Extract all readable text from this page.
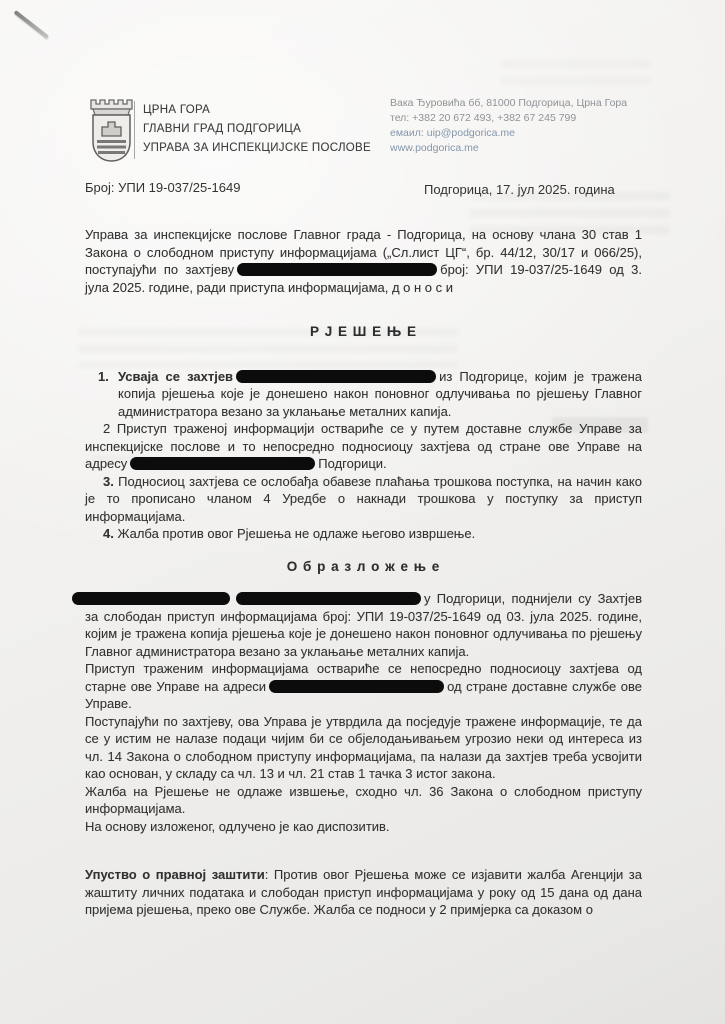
ЦРНА ГОРА
ГЛАВНИ ГРАД ПОДГОРИЦА
УПРАВА ЗА ИНСПЕКЦИЈСКЕ ПОСЛОВЕ
Вака Ђуровића бб, 81000 Подгорица, Црна Гора
тел: +382 20 672 493, +382 67 245 799
емаил: uip@podgorica.me
www.podgorica.me
Број: УПИ 19-037/25-1649	Подгорица, 17. јул 2025. година

Управа за инспекцијске послове Главног града - Подгорица, на основу члана 30 став 1 Закона о слободном приступу информацијама („Сл.лист ЦГ“, бр. 44/12, 30/17 и 066/25), поступајући по захтјеву	број: УПИ 19-037/25-1649 од 3. јула 2025. године, ради приступа информацијама, д о н о с и

Р Ј Е Ш Е Њ Е
1. Усваја се захтјев	из Подгорице, којим је тражена копија рјешења које је донешено након поновног одлучивања по рјешењу Главног администратора везано за уклањање металних капија.

2 Приступ траженој информацији оствариће се у путем доставне службе Управе за инспекцијске послове и то непосредно подносиоцу захтјева од стране ове Управе на адресу	Подгорици.

3. Подносиоц захтјева се ослобађа обавезе плаћања трошкова поступка, на начин како је то прописано чланом 4 Уредбе о накнади трошкова у поступку за приступ информацијама.

4. Жалба против овог Рјешења не одлаже његово извршење.

О б р а з л о ж е њ е

у Подгорици, поднијели су Захтјев за слободан приступ информацијама број: УПИ 19-037/25-1649 од 03. јула 2025. године, којим је тражена копија рјешења које је донешено након поновног одлучивања по рјешењу Главног администратора везано за уклањање металних капија.

Приступ траженим информацијама оствариће се непосредно подносиоцу захтјева од старне ове Управе на адреси	од стране доставне службе ове Управе.

Поступајући по захтјеву, ова Управа је утврдила да посједује тражене информације, те да се у истим не налазе подаци чијим би се објелодањивањем угрозио неки од интереса из чл. 14 Закона о слободном приступу информацијама, па налази да захтјев треба усвојити као основан, у складу са чл. 13 и чл. 21 став 1 тачка 3 истог закона.

Жалба на Рјешење не одлаже извшење, сходно чл. 36 Закона о слободном приступу информацијама.

На основу изложеног, одлучено је као диспозитив.

Упуство о правној заштити: Против овог Рјешења може се изјавити жалба Агенцији за жаштиту личних података и слободан приступ информацијама у року од 15 дана од дана пријема рјешења, преко ове Службе. Жалба се подноси у 2 примјерка са доказом о
